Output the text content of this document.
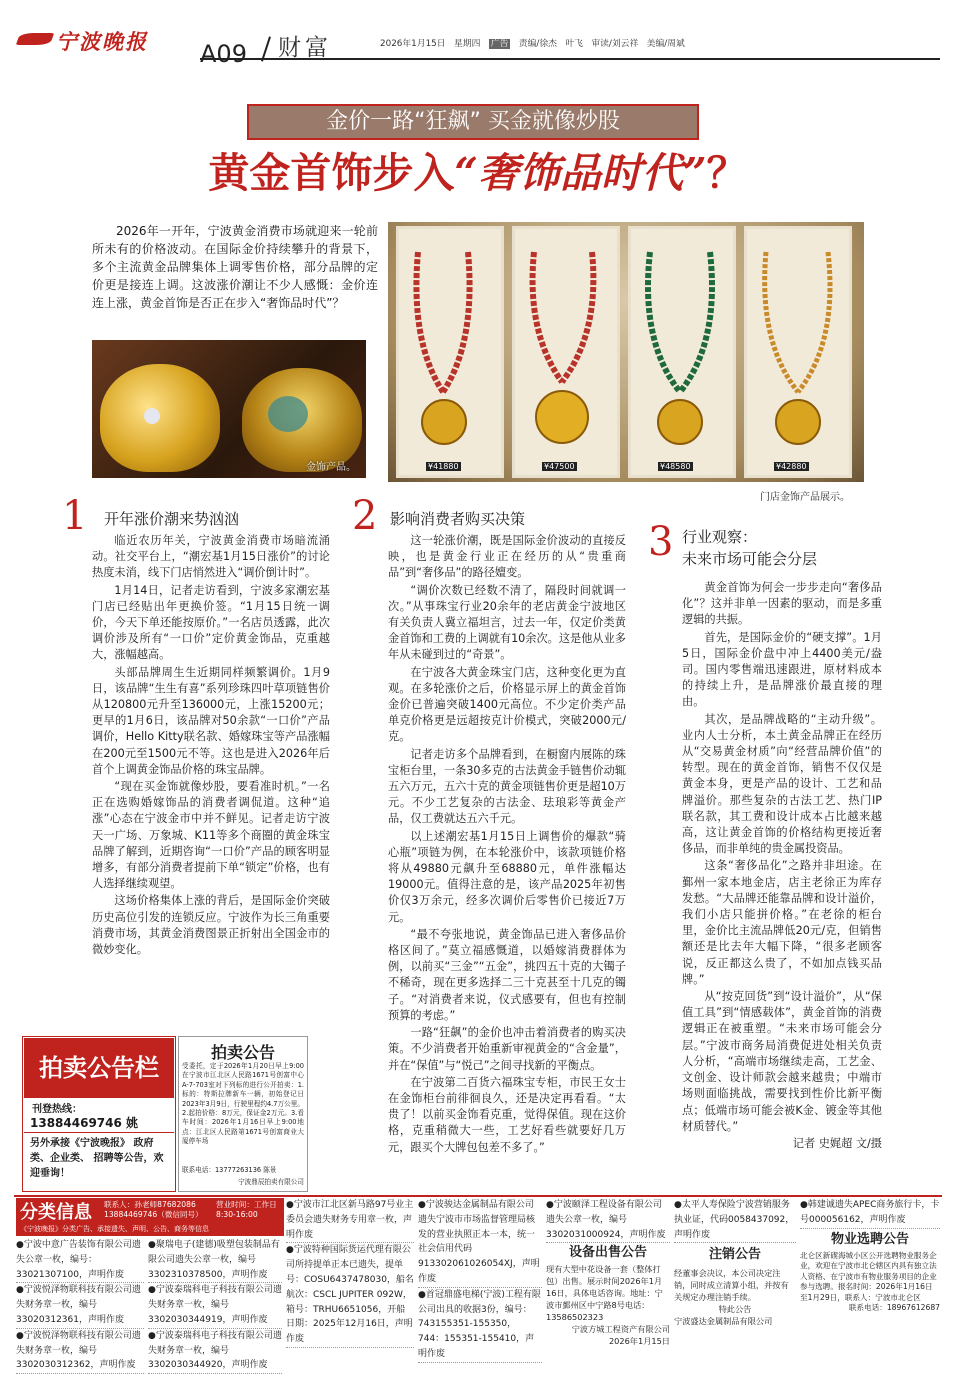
宁波晚报 A09 财富	2026年1月15日 星期四 广告 责编/徐杰 叶飞 审读/刘云祥 美编/周斌
金价一路“狂飙” 买金就像炒股
黄金首饰步入“奢饰品时代”？
2026年一开年，宁波黄金消费市场就迎来一轮前所未有的价格波动。在国际金价持续攀升的背景下，多个主流黄金品牌集体上调零售价格，部分品牌的定价更是接连上调。这波涨价潮让不少人感慨：金价连连上涨，黄金首饰是否正在步入“奢饰品时代”？
金饰产品。	¥41880	¥47500	¥48580	¥42880
门店金饰产品展示。
1 开年涨价潮来势汹汹

临近农历年关，宁波黄金消费市场暗流涌动。社交平台上，“潮宏基1月15日涨价”的讨论热度未消，线下门店悄然进入“调价倒计时”。

1月14日，记者走访看到，宁波多家潮宏基门店已经贴出年更换价签。“1月15日统一调价，今天下单还能按原价。”一名店员透露，此次调价涉及所有“一口价”定价黄金饰品，克重越大，涨幅越高。

头部品牌周生生近期同样频繁调价。1月9日，该品牌“生生有喜”系列珍珠四叶草项链售价从120800元升至136000元，上涨15200元；更早的1月6日，该品牌对50余款“一口价”产品调价，Hello Kitty联名款、婚嫁珠宝等产品涨幅在200元至1500元不等。这也是进入2026年后首个上调黄金饰品价格的珠宝品牌。

“现在买金饰就像炒股，要看准时机。”一名正在选购婚嫁饰品的消费者调侃道。这种“追涨”心态在宁波金市中并不鲜见。记者走访宁波天一广场、万象城、K11等多个商圈的黄金珠宝品牌了解到，近期咨询“一口价”产品的顾客明显增多，有部分消费者提前下单“锁定”价格，也有人选择继续观望。

这场价格集体上涨的背后，是国际金价突破历史高位引发的连锁反应。宁波作为长三角重要消费市场，其黄金消费图景正折射出全国金市的微妙变化。

2 影响消费者购买决策

这一轮涨价潮，既是国际金价波动的直接反映，也是黄金行业正在经历的从“贵重商品”到“奢侈品”的路径嬗变。

“调价次数已经数不清了，隔段时间就调一次。”从事珠宝行业20余年的老店黄金宁波地区有关负责人冀立福坦言，过去一年，仅定价类黄金首饰和工费的上调就有10余次。这是他从业多年从未碰到过的“奇景”。

在宁波各大黄金珠宝门店，这种变化更为直观。在多轮涨价之后，价格显示屏上的黄金首饰金价已普遍突破1400元高位。不少定价类产品单克价格更是远超按克计价模式，突破2000元/克。

记者走访多个品牌看到，在橱窗内展陈的珠宝柜台里，一条30多克的古法黄金手链售价动辄五六万元，五六十克的黄金项链售价更是超10万元。不少工艺复杂的古法金、珐琅彩等黄金产品，仅工费就达五六千元。

以上述潮宏基1月15日上调售价的爆款“骑心瓶”项链为例，在本轮涨价中，该款项链价格将从49880元飙升至68880元，单件涨幅达19000元。值得注意的是，该产品2025年初售价仅3万余元，经多次调价后零售价已接近7万元。

“最不夸张地说，黄金饰品已进入奢侈品价格区间了。”莫立福感慨道，以婚嫁消费群体为例，以前买“三金”“五金”，挑四五十克的大镯子不稀奇，现在更多选择二三十克甚至十几克的镯子。“对消费者来说，仪式感要有，但也有控制预算的考虑。”

一路“狂飙”的金价也冲击着消费者的购买决策。不少消费者开始重新审视黄金的“含金量”，并在“保值”与“悦己”之间寻找新的平衡点。

在宁波第二百货六福珠宝专柜，市民王女士在金饰柜台前徘徊良久，还是决定再看看。“太贵了！以前买金饰看克重，觉得保值。现在这价格，克重稍微大一些，工艺好看些就要好几万元，跟买个大牌包包差不多了。”

3 行业观察：
未来市场可能会分层

黄金首饰为何会一步步走向“奢侈品化”？这并非单一因素的驱动，而是多重逻辑的共振。

首先，是国际金价的“硬支撑”。1月5日，国际金价盘中冲上4400美元/盎司。国内零售端迅速跟进，原材料成本的持续上升，是品牌涨价最直接的理由。

其次，是品牌战略的“主动升级”。业内人士分析，本土黄金品牌正在经历从“交易黄金材质”向“经营品牌价值”的转型。现在的黄金首饰，销售不仅仅是黄金本身，更是产品的设计、工艺和品牌溢价。那些复杂的古法工艺、热门IP联名款，其工费和设计成本占比越来越高，这让黄金首饰的价格结构更接近奢侈品，而非单纯的贵金属投资品。

这条“奢侈品化”之路并非坦途。在鄞州一家本地金店，店主老徐正为库存发愁。“大品牌还能靠品牌和设计溢价，我们小店只能拼价格。”在老徐的柜台里，金价比主流品牌低20元/克，但销售额还是比去年大幅下降，“很多老顾客说，反正都这么贵了，不如加点钱买品牌。”

从“按克回货”到“设计溢价”，从“保值工具”到“情感载体”，黄金首饰的消费逻辑正在被重塑。“未来市场可能会分层。”宁波市商务局消费促进处相关负责人分析，“高端市场继续走高，工艺金、文创金、设计师款会越来越贵；中端市场则面临挑战，需要找到性价比新平衡点；低端市场可能会被K金、镀金等其他材质替代。”

记者 史娓超 文/摄

拍卖公告栏
刊登热线：
13884469746 姚
另外承接《宁波晚报》 政府类、企业类、 招聘等公告，欢迎垂询！
拍卖公告
受委托，定于2026年1月20日早上9:00在宁波市江北区人民路1671号创富中心A-7-703室对下列标的进行公开拍卖：1.标的：特斯拉牌新车一辆，初始登记日2023年3月9日，行驶里程约4.7万公里。2.起拍价格：8万元，保证金2万元。3.看车时间：2026年1月16日早上9:00地点：江北区人民路第1671号创富商业大厦停车场
联系电话：13777263136 陈景
宁波鼎辰拍卖有限公司
分类信息 联系人：孙老师87682086 13884469746（微信同号）
营业时间：工作日8:30-16:00
《宁波晚报》分类广告、承接遗失、声明、公告、商务等信息
●宁波中意广告装饰有限公司遗失公章一枚，编号：33021307100，声明作废
●宁波悦泽物联科技有限公司遗失财务章一枚，编号33020312361，声明作废
●宁波悦泽物联科技有限公司遗失财务章一枚，编号3302030312362，声明作废
●聚瑞电子(建德)吸塑包装制品有限公司遗失公章一枚，编号3302310378500，声明作废
●宁波泰瑞科电子科技有限公司遗失财务章一枚，编号3302030344919，声明作废
●宁波泰瑞科电子科技有限公司遗失财务章一枚，编号3302030344920，声明作废
●宁波市江北区新马路97号业主委员会遗失财务专用章一枚，声明作废
●宁波特种国际货运代理有限公司所持提单正本已遗失，提单号：COSU6437478030，船名航次：CSCL JUPITER 092W，箱号：TRHU6651056，开船日期：2025年12月16日，声明作废
●宁波骏达金属制品有限公司遗失宁波市市场监督管理局核发的营业执照正本一本，统一社会信用代码913302061026054XJ，声明作废
●首冠鼎盛电梯(宁波)工程有限公司出具的收据3份，编号：743155351-155350，744：155351-155410，声明作废
●宁波颐泽工程设备有限公司遗失公章一枚，编号3302031000924，声明作废
设备出售公告
现有大型中花设备一套（整体打包）出售。展示时间2026年1月16日，具体电话咨询。地址：宁波市鄞州区中宁路8号电话：13586502323
宁波方城工程资产有限公司
2026年1月15日
●太平人寿保险宁波营销服务执业证，代码0058437092，声明作废
注销公告
经董事会决议，本公司决定注销，同时成立清算小组，并按有关规定办理注销手续。
特此公告
宁波盛达金属制品有限公司
●韩建诚遗失APEC商务旅行卡，卡号000056162，声明作废
物业选聘公告
北仑区新碶海城小区公开选聘物业服务企业，欢迎在宁波市北仑辖区内具有独立法人资格、在宁波市有物业服务项目的企业参与选聘。报名时间：2026年1月16日至1月29日，联系人：宁波市北仑区
联系电话：18967612687
